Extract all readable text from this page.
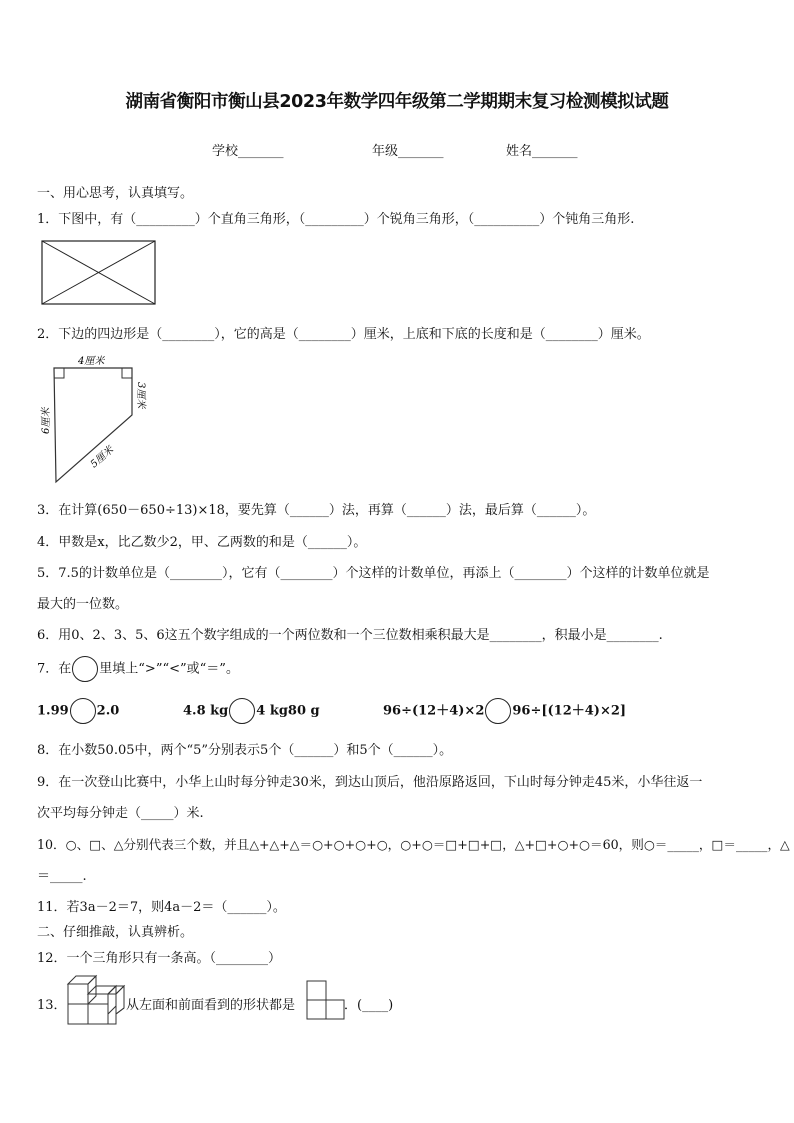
湖南省衡阳市衡山县2023年数学四年级第二学期期末复习检测模拟试题
学校_______	年级_______	姓名_______
一、用心思考，认真填写。
1．下图中，有（_________）个直角三角形，（_________）个锐角三角形，（__________）个钝角三角形.
2．下边的四边形是（________），它的高是（________）厘米，上底和下底的长度和是（________）厘米。
4厘米
3厘米
6厘米
5厘米
3．在计算(650－650÷13)×18，要先算（______）法，再算（______）法，最后算（______）。
4．甲数是x，比乙数少2，甲、乙两数的和是（______）。
5．7.5的计数单位是（________），它有（________）个这样的计数单位，再添上（________）个这样的计数单位就是
最大的一位数。
6．用0、2、3、5、6这五个数字组成的一个两位数和一个三位数相乘积最大是________，积最小是________.
7．在 里填上“>”“<”或“＝”。
1.99 2.0	4.8 kg 4 kg80 g	96÷(12＋4)×2 96÷[(12＋4)×2]
8．在小数50.05中，两个“5”分别表示5个（______）和5个（______）。
9．在一次登山比赛中，小华上山时每分钟走30米，到达山顶后，他沿原路返回，下山时每分钟走45米，小华往返一
次平均每分钟走（_____）米.
10．○、□、△分别代表三个数，并且△+△+△＝○+○+○+○，○+○＝□+□+□，△+□+○+○＝60，则○＝_____，□＝_____，△
＝_____.
11．若3a－2＝7，则4a－2＝（______）。
二、仔细推敲，认真辨析。
12．一个三角形只有一条高。（________）
13．	从左面和前面看到的形状都是	．(____)
